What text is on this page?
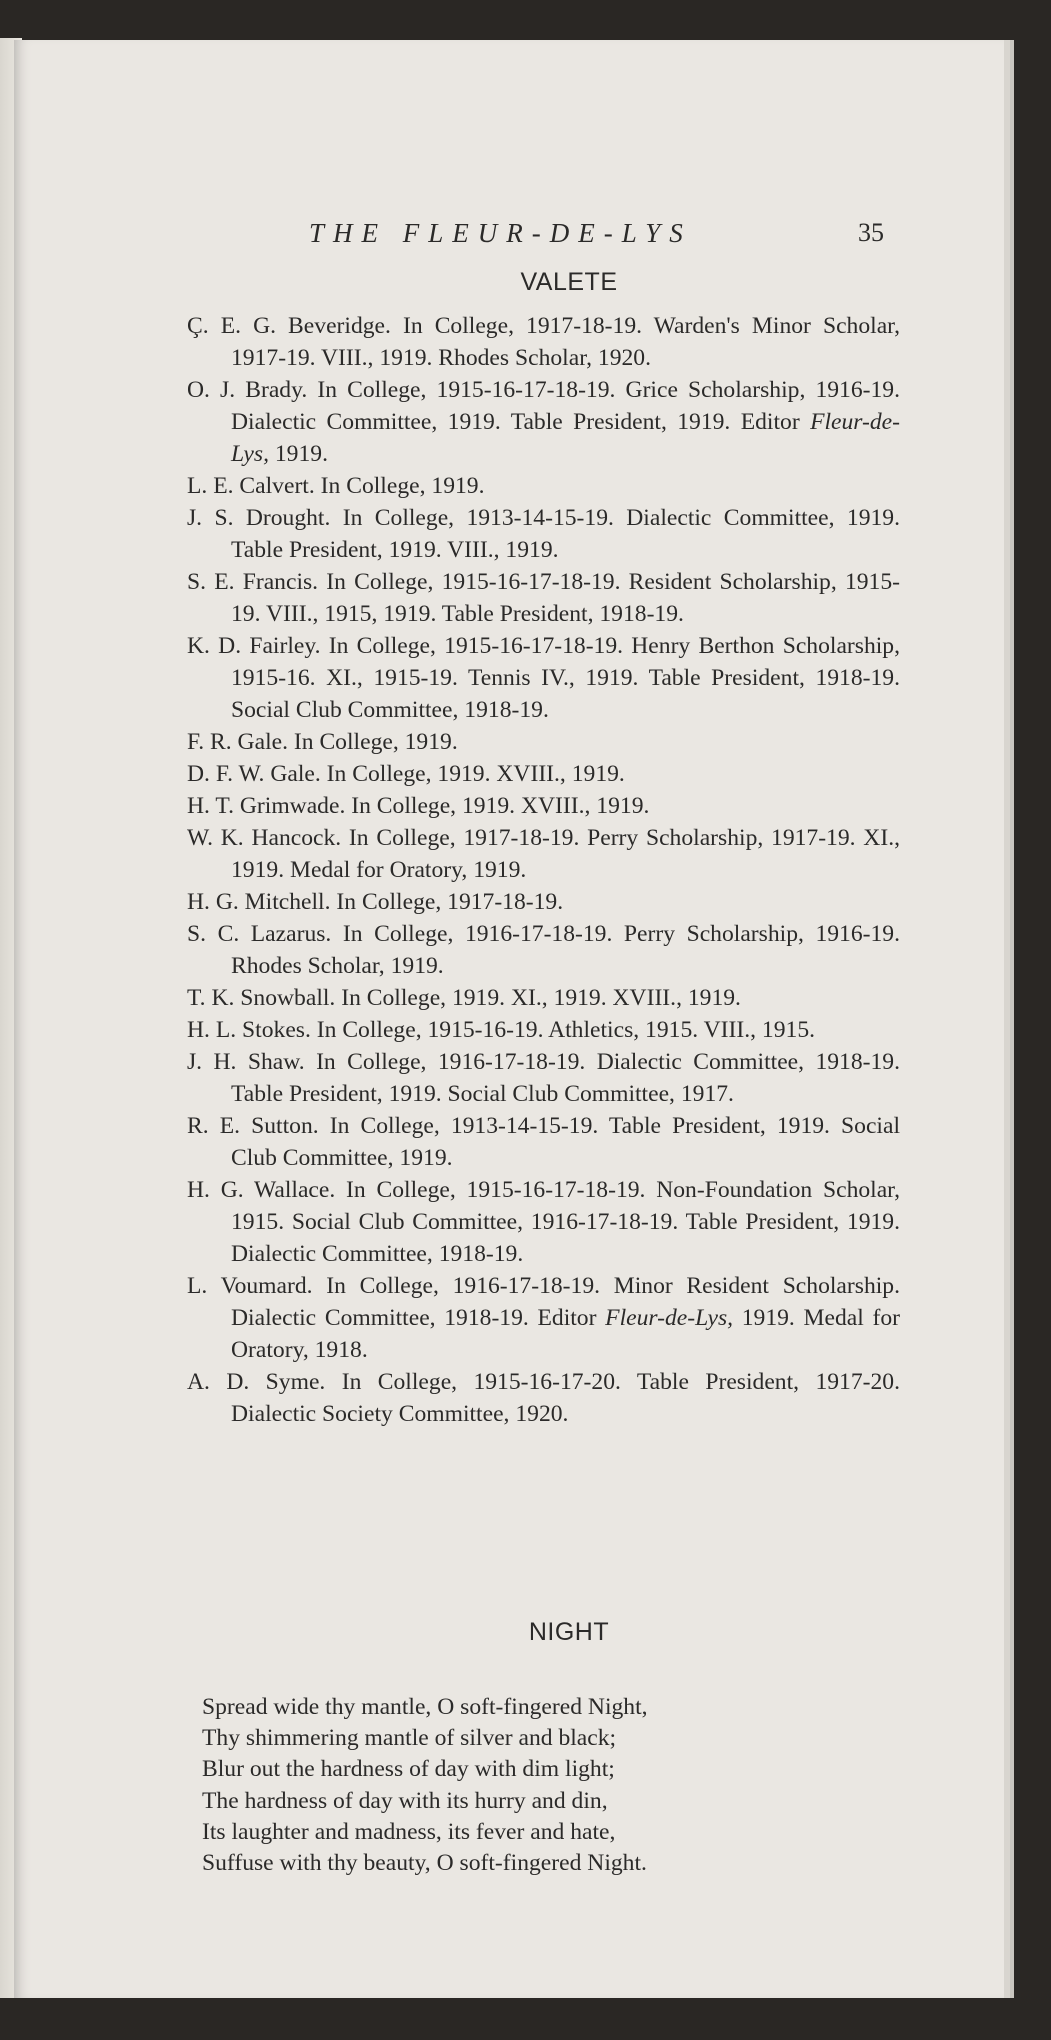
THE FLEUR-DE-LYS	35
VALETE
Ç. E. G. Beveridge. In College, 1917-18-19. Warden's Minor Scholar, 1917-19. VIII., 1919. Rhodes Scholar, 1920.
O. J. Brady. In College, 1915-16-17-18-19. Grice Scholarship, 1916-19. Dialectic Committee, 1919. Table President, 1919. Editor Fleur-de-Lys, 1919.
L. E. Calvert. In College, 1919.
J. S. Drought. In College, 1913-14-15-19. Dialectic Committee, 1919. Table President, 1919. VIII., 1919.
S. E. Francis. In College, 1915-16-17-18-19. Resident Scholarship, 1915-19. VIII., 1915, 1919. Table President, 1918-19.
K. D. Fairley. In College, 1915-16-17-18-19. Henry Berthon Scholarship, 1915-16. XI., 1915-19. Tennis IV., 1919. Table President, 1918-19. Social Club Committee, 1918-19.
F. R. Gale. In College, 1919.
D. F. W. Gale. In College, 1919. XVIII., 1919.
H. T. Grimwade. In College, 1919. XVIII., 1919.
W. K. Hancock. In College, 1917-18-19. Perry Scholarship, 1917-19. XI., 1919. Medal for Oratory, 1919.
H. G. Mitchell. In College, 1917-18-19.
S. C. Lazarus. In College, 1916-17-18-19. Perry Scholarship, 1916-19. Rhodes Scholar, 1919.
T. K. Snowball. In College, 1919. XI., 1919. XVIII., 1919.
H. L. Stokes. In College, 1915-16-19. Athletics, 1915. VIII., 1915.
J. H. Shaw. In College, 1916-17-18-19. Dialectic Committee, 1918-19. Table President, 1919. Social Club Committee, 1917.
R. E. Sutton. In College, 1913-14-15-19. Table President, 1919. Social Club Committee, 1919.
H. G. Wallace. In College, 1915-16-17-18-19. Non-Foundation Scholar, 1915. Social Club Committee, 1916-17-18-19. Table President, 1919. Dialectic Committee, 1918-19.
L. Voumard. In College, 1916-17-18-19. Minor Resident Scholarship. Dialectic Committee, 1918-19. Editor Fleur-de-Lys, 1919. Medal for Oratory, 1918.
A. D. Syme. In College, 1915-16-17-20. Table President, 1917-20. Dialectic Society Committee, 1920.
NIGHT
Spread wide thy mantle, O soft-fingered Night,
Thy shimmering mantle of silver and black;
Blur out the hardness of day with dim light;
The hardness of day with its hurry and din,
Its laughter and madness, its fever and hate,
Suffuse with thy beauty, O soft-fingered Night.
